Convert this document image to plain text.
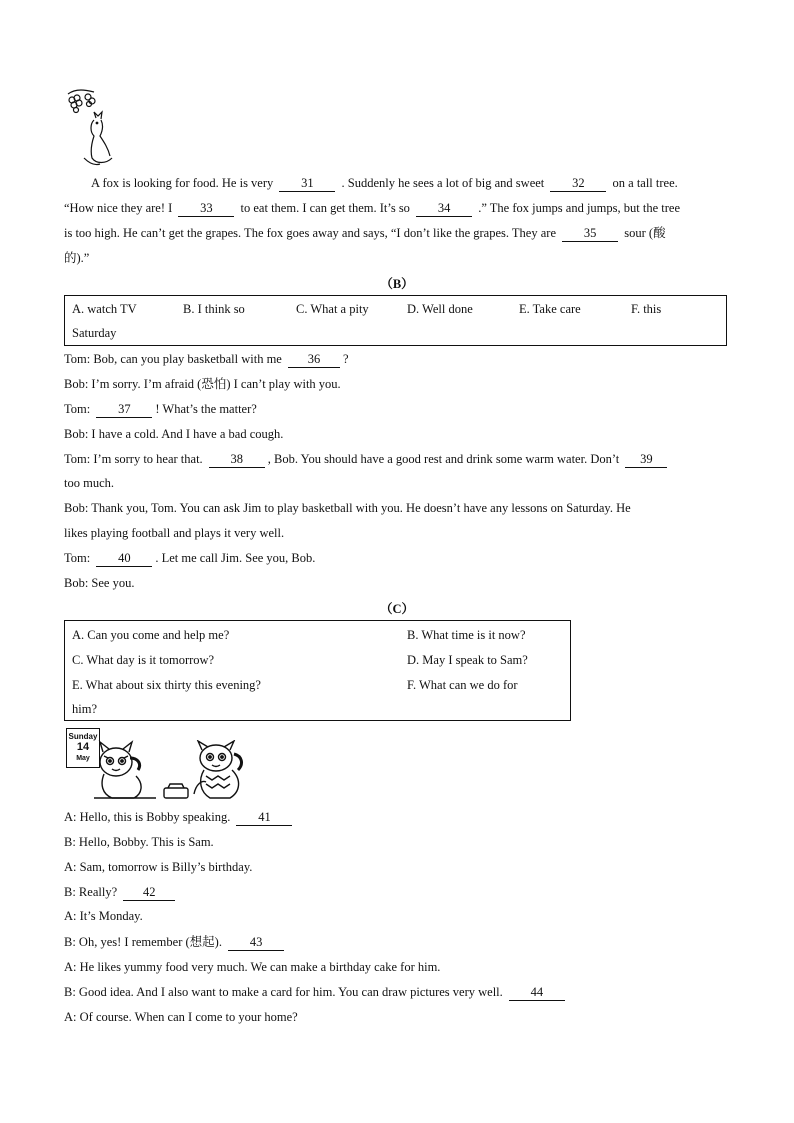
A fox is looking for food. He is very 31 . Suddenly he sees a lot of big and sweet 32 on a tall tree.
“How nice they are! I 33 to eat them. I can get them. It’s so 34 .” The fox jumps and jumps, but the tree
is too high. He can’t get the grapes. The fox goes away and says, “I don’t like the grapes. They are 35 sour (酸
的).”
（B）
A. watch TV	B. I think so	C. What a pity	D. Well done	E. Take care	F. this
Saturday
Tom: Bob, can you play basketball with me 36 ?
Bob: I’m sorry. I’m afraid (恐怕) I can’t play with you.
Tom: 37 ! What’s the matter?
Bob: I have a cold. And I have a bad cough.
Tom: I’m sorry to hear that. 38 , Bob. You should have a good rest and drink some warm water. Don’t 39
too much.
Bob: Thank you, Tom. You can ask Jim to play basketball with you. He doesn’t have any lessons on Saturday. He
likes playing football and plays it very well.
Tom: 40 . Let me call Jim. See you, Bob.
Bob: See you.
（C）
A. Can you come and help me?	B. What time is it now?
C. What day is it tomorrow?	D. May I speak to Sam?
E. What about six thirty this evening?	F. What can we do for
him?
Sunday
14
May
A: Hello, this is Bobby speaking. 41
B: Hello, Bobby. This is Sam.
A: Sam, tomorrow is Billy’s birthday.
B: Really? 42
A: It’s Monday.
B: Oh, yes! I remember (想起). 43
A: He likes yummy food very much. We can make a birthday cake for him.
B: Good idea. And I also want to make a card for him. You can draw pictures very well. 44
A: Of course. When can I come to your home?
